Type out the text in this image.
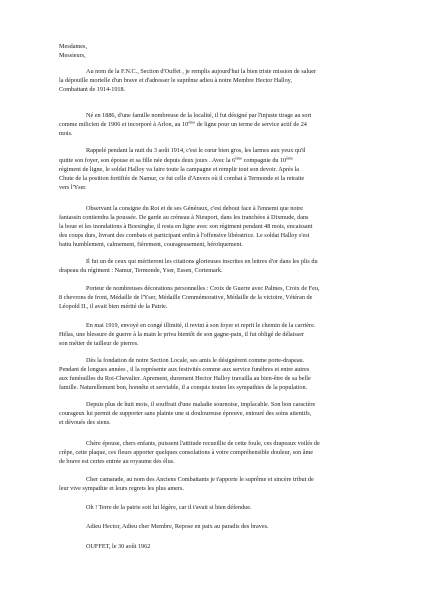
Mesdames,
Messieurs,
Au nom de la F.N.C., Section d'Ouffet , je remplis aujourd'hui la bien triste mission de saluer
la dépouille mortelle d'un brave et d'adresser le suprême adieu à notre Membre Hector Halloy,
Combattant de 1914-1918.
Né en 1886, d'une famille nombreuse de la localité, il fut désigné par l'injuste tirage au sort
comme milicien de 1906 et incorporé à Arlon, au 10ème de ligne pour un terme de service actif de 24
mois.
Rappelé pendant la nuit du 3 août 1914, c'est le cœur bien gros, les larmes aux yeux qu'il
quitte son foyer, son épouse et sa fille née depuis deux jours . Avec la 6ème compagnie du 10ème
régiment de ligne, le soldat Halloy va faire toute la campagne et remplir tout son devoir. Après la
Chute de la position fortifiée de Namur, ce fut celle d'Anvers où il combat à Termonde et la retraite
vers l'Yser.
Observant la consigne du Roi et de ses Généraux, c'est debout face à l'ennemi que notre
fantassin contiendra la poussée. De garde au créneau à Nieuport, dans les tranchées à Dixmude, dans
la boue et les inondations à Boesinghe, il resta en ligne avec son régiment pendant 48 mois, encaissant
des coups durs, livrant des combats et participant enfin à l'offensive libératrice. Le soldat Halloy s'est
battu humblement, calmement, fièrement, courageusement, héroïquement.
Il fut un de ceux qui mériteront les citations glorieuses inscrites en lettres d'or dans les plis du
drapeau du régiment : Namur, Termonde, Yser, Essen, Cortemark.
Porteur de nombreuses décorations personnelles : Croix de Guerre avec Palmes, Croix de Feu,
8 chevrons de front, Médaille de l'Yser, Médaille Commémorative, Médaille de la victoire, Vétéran de
Léopold II., il avait bien mérité de la Patrie.
En mai 1919, envoyé en congé illimité, il revint à son foyer et reprit le chemin de la carrière.
Hélas, une blessure de guerre à la main le priva bientôt de son gagne-pain, il fut obligé de délaisser
son métier de tailleur de pierres.
Dès la fondation de notre Section Locale, ses amis le désignèrent comme porte-drapeau.
Pendant de longues années , il la représente aux festivités comme aux service funèbres et entre autres
aux funérailles du Roi-Chevalier. Aprement, durement Hector Halloy travailla au bien-être de sa belle
famille. Naturellement bon, honnête et serviable, il a conquis toutes les sympathies de la population.
Depuis plus de huit mois, il souffrait d'une maladie sournoise, implacable. Son bon caractère
courageux lui permit de supporter sans plainte une si douloureuse épreuve, entouré des soins attentifs,
et dévoués des siens.
Chère épouse, chers enfants, puissent l'attitude recueillie de cette foule, ces drapeaux voilés de
crêpe, cette plaque, ces fleurs apporter quelques consolations à votre compréhensible douleur, son âme
de brave est certes entrée au royaume des élus.
Cher camarade, au nom des Anciens Combattants je t'apporte le suprême et sincère tribut de
leur vive sympathie et leurs regrets les plus amers.
Oh ! Terre de la patrie soit lui légère, car il t'avait si bien défendue.
Adieu Hector, Adieu cher Membre, Repose en paix au paradis des braves.
OUFFET, le 30 août 1962
